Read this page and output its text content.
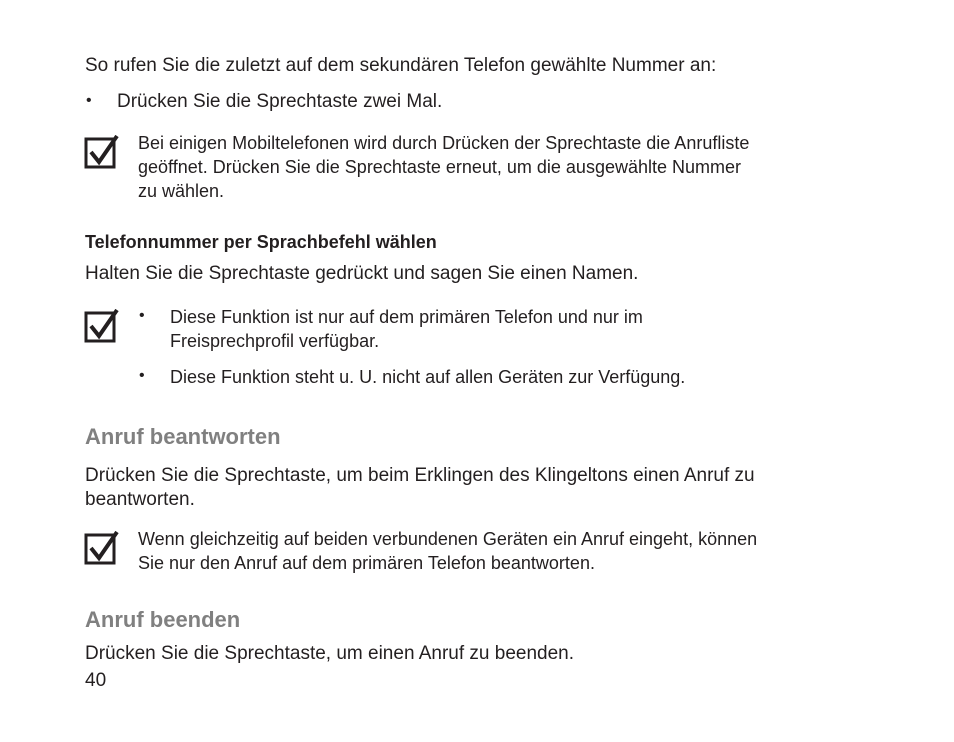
So rufen Sie die zuletzt auf dem sekundären Telefon gewählte Nummer an:
• Drücken Sie die Sprechtaste zwei Mal.
Bei einigen Mobiltelefonen wird durch Drücken der Sprechtaste die Anrufliste
geöffnet. Drücken Sie die Sprechtaste erneut, um die ausgewählte Nummer
zu wählen.
Telefonnummer per Sprachbefehl wählen
Halten Sie die Sprechtaste gedrückt und sagen Sie einen Namen.
• Diese Funktion ist nur auf dem primären Telefon und nur im
Freisprechprofil verfügbar.
• Diese Funktion steht u. U. nicht auf allen Geräten zur Verfügung.
Anruf beantworten
Drücken Sie die Sprechtaste, um beim Erklingen des Klingeltons einen Anruf zu
beantworten.
Wenn gleichzeitig auf beiden verbundenen Geräten ein Anruf eingeht, können
Sie nur den Anruf auf dem primären Telefon beantworten.
Anruf beenden
Drücken Sie die Sprechtaste, um einen Anruf zu beenden.
40
